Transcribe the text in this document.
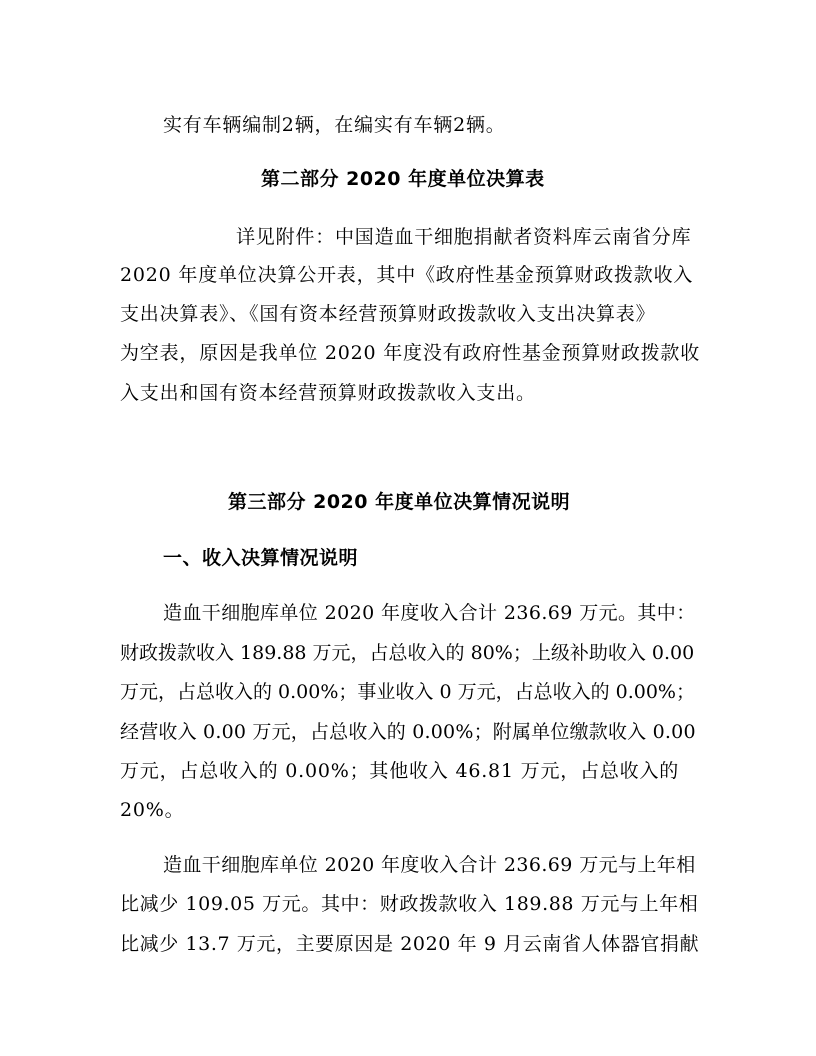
实有车辆编制2辆，在编实有车辆2辆。
第二部分 2020 年度单位决算表
详见附件：中国造血干细胞捐献者资料库云南省分库
2020 年度单位决算公开表，其中《政府性基金预算财政拨款收入
支出决算表》、《国有资本经营预算财政拨款收入支出决算表》
为空表，原因是我单位 2020 年度没有政府性基金预算财政拨款收
入支出和国有资本经营预算财政拨款收入支出。
第三部分 2020 年度单位决算情况说明
一、收入决算情况说明
造血干细胞库单位 2020 年度收入合计 236.69 万元。其中：
财政拨款收入 189.88 万元，占总收入的 80%；上级补助收入 0.00
万元，占总收入的 0.00%；事业收入 0 万元，占总收入的 0.00%；
经营收入 0.00 万元，占总收入的 0.00%；附属单位缴款收入 0.00
万元，占总收入的 0.00%；其他收入 46.81 万元，占总收入的
20%。
造血干细胞库单位 2020 年度收入合计 236.69 万元与上年相
比减少 109.05 万元。其中：财政拨款收入 189.88 万元与上年相
比减少 13.7 万元，主要原因是 2020 年 9 月云南省人体器官捐献
